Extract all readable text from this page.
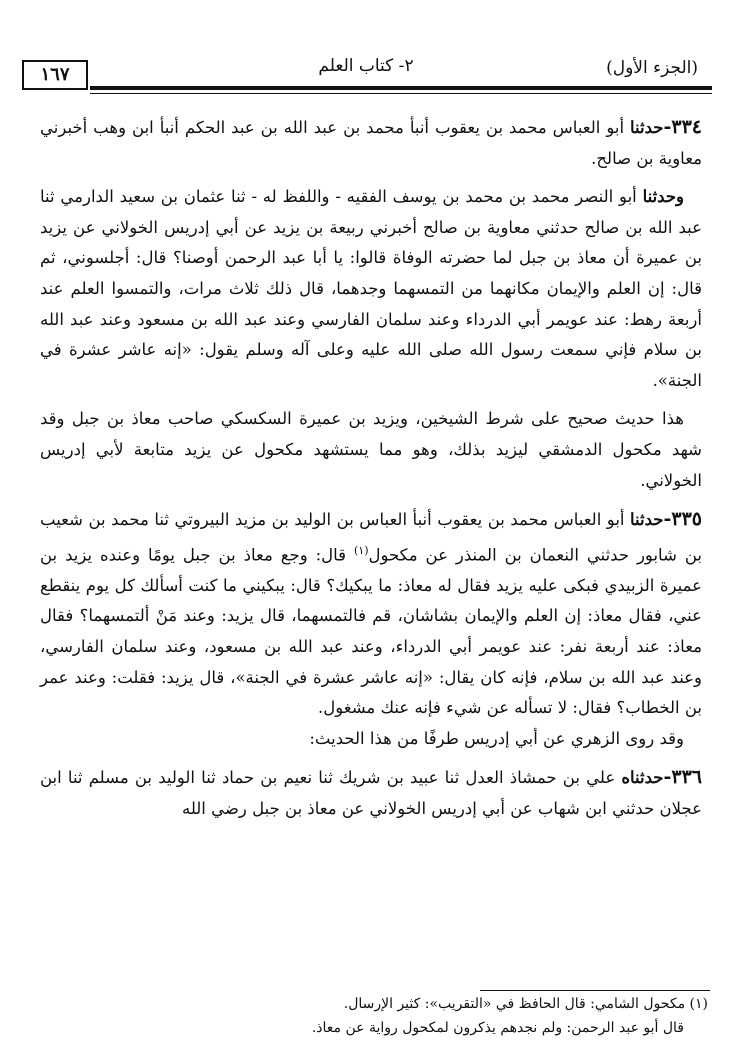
(الجزء الأول)
٢- كتاب العلم
١٦٧

٣٣٤-حدثنا أبو العباس محمد بن يعقوب أنبأ محمد بن عبد الله بن عبد الحكم أنبأ ابن وهب أخبرني معاوية بن صالح.

وحدثنا أبو النصر محمد بن محمد بن يوسف الفقيه - واللفظ له - ثنا عثمان بن سعيد الدارمي ثنا عبد الله بن صالح حدثني معاوية بن صالح أخبرني ربيعة بن يزيد عن أبي إدريس الخولاني عن يزيد بن عميرة أن معاذ بن جبل لما حضرته الوفاة قالوا: يا أبا عبد الرحمن أوصنا؟ قال: أجلسوني، ثم قال: إن العلم والإيمان مكانهما من التمسهما وجدهما، قال ذلك ثلاث مرات، والتمسوا العلم عند أربعة رهط: عند عويمر أبي الدرداء وعند سلمان الفارسي وعند عبد الله بن مسعود وعند عبد الله بن سلام فإني سمعت رسول الله صلى الله عليه وعلى آله وسلم يقول: «إنه عاشر عشرة في الجنة».

هذا حديث صحيح على شرط الشيخين، ويزيد بن عميرة السكسكي صاحب معاذ بن جبل وقد شهد مكحول الدمشقي ليزيد بذلك، وهو مما يستشهد مكحول عن يزيد متابعة لأبي إدريس الخولاني.

٣٣٥-حدثنا أبو العباس محمد بن يعقوب أنبأ العباس بن الوليد بن مزيد البيروتي ثنا محمد بن شعيب بن شابور حدثني النعمان بن المنذر عن مكحول$^{(١)}$ قال: وجع معاذ بن جبل يومًا وعنده يزيد بن عميرة الزبيدي فبكى عليه يزيد فقال له معاذ: ما يبكيك؟ قال: يبكيني ما كنت أسألك كل يوم ينقطع عني، فقال معاذ: إن العلم والإيمان بشاشان، قم فالتمسهما، قال يزيد: وعند مَنْ ألتمسهما؟ فقال معاذ: عند أربعة نفر: عند عويمر أبي الدرداء، وعند عبد الله بن مسعود، وعند سلمان الفارسي، وعند عبد الله بن سلام، فإنه كان يقال: «إنه عاشر عشرة في الجنة»، قال يزيد: فقلت: وعند عمر بن الخطاب؟ فقال: لا تسأله عن شيء فإنه عنك مشغول.

وقد روى الزهري عن أبي إدريس طرفًا من هذا الحديث:

٣٣٦-حدثناه علي بن حمشاذ العدل ثنا عبيد بن شريك ثنا نعيم بن حماد ثنا الوليد بن مسلم ثنا ابن عجلان حدثني ابن شهاب عن أبي إدريس الخولاني عن معاذ بن جبل رضي الله

(١) مكحول الشامي: قال الحافظ في «التقريب»: كثير الإرسال.

قال أبو عبد الرحمن: ولم نجدهم يذكرون لمكحول رواية عن معاذ.
